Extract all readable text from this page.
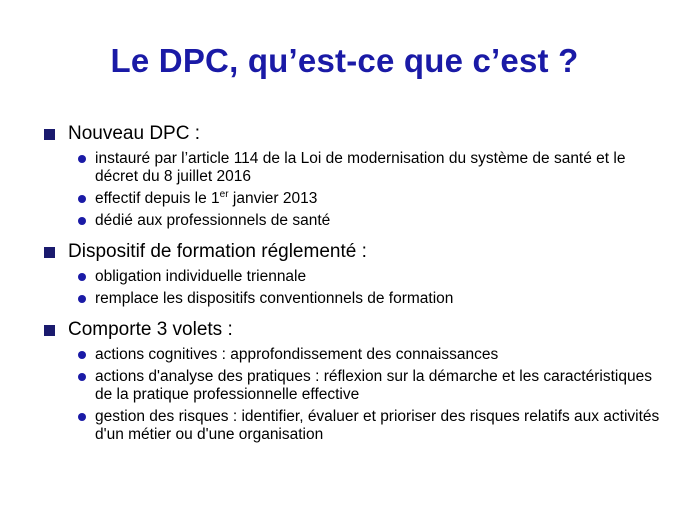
Le DPC, qu’est-ce que c’est ?
Nouveau DPC :
instauré par l’article 114 de la Loi de modernisation du système de santé et le décret du 8 juillet 2016
effectif depuis le 1er janvier 2013
dédié aux professionnels de santé
Dispositif de formation réglementé :
obligation individuelle triennale
remplace les dispositifs conventionnels de formation
Comporte 3 volets :
actions cognitives : approfondissement des connaissances
actions d'analyse des pratiques : réflexion sur la démarche et les caractéristiques de la pratique professionnelle effective
gestion des risques : identifier, évaluer et prioriser des risques relatifs aux activités d'un métier ou d'une organisation
